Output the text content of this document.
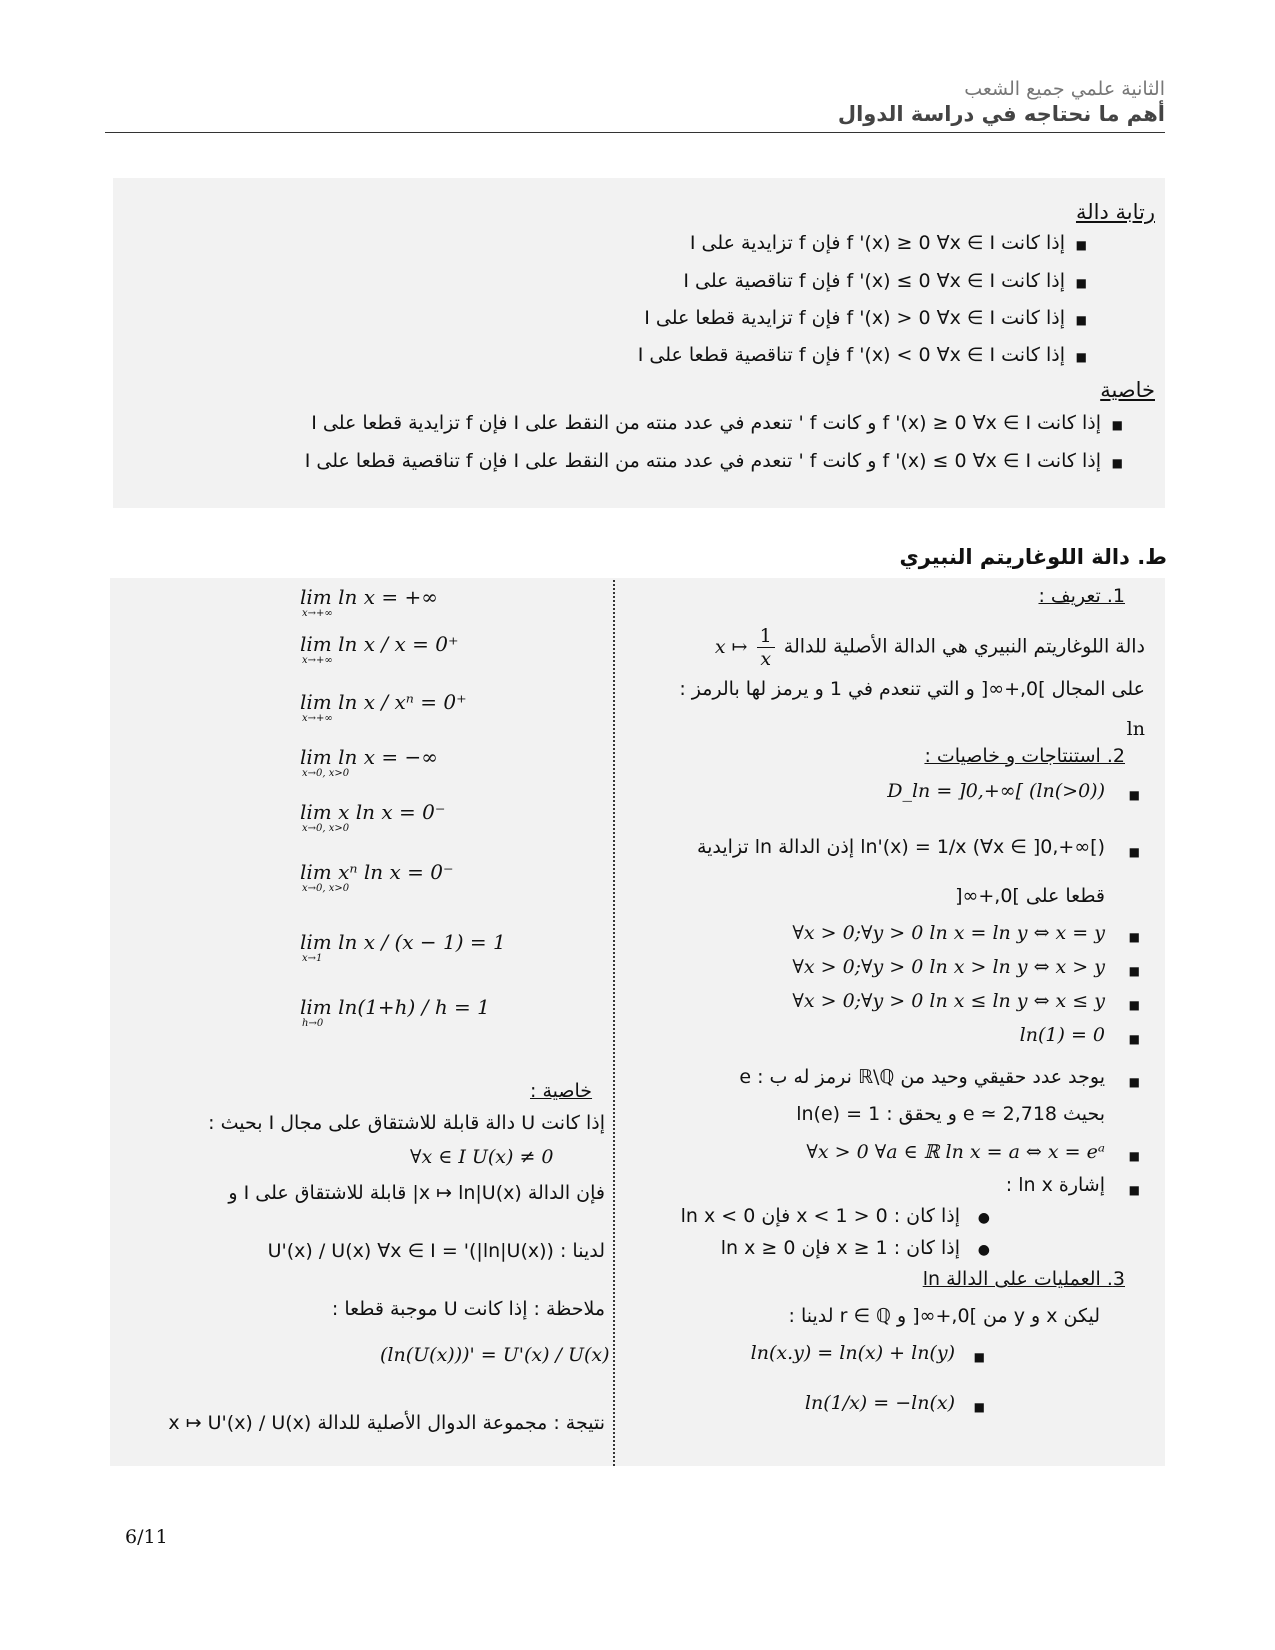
الثانية علمي جميع الشعب
أهم ما نحتاجه في دراسة الدوال
رتابة دالة
■
إذا كانت f '(x) ≥ 0 ∀x ∈ I فإن f تزايدية على I
■
إذا كانت f '(x) ≤ 0 ∀x ∈ I فإن f تناقصية على I
■
إذا كانت f '(x) > 0 ∀x ∈ I فإن f تزايدية قطعا على I
■
إذا كانت f '(x) < 0 ∀x ∈ I فإن f تناقصية قطعا على I
خاصية
■
إذا كانت f '(x) ≥ 0 ∀x ∈ I و كانت f ' تنعدم في عدد منته من النقط على I فإن f تزايدية قطعا على I
■
إذا كانت f '(x) ≤ 0 ∀x ∈ I و كانت f ' تنعدم في عدد منته من النقط على I فإن f تناقصية قطعا على I
ط. دالة اللوغاريتم النبيري
1. تعريف :
دالة اللوغاريتم النبيري هي الدالة الأصلية للدالة
$\frac{1}{x}$
x ↦
على المجال ]0,+∞[ و التي تنعدم في 1 و يرمز لها بالرمز :
ln
2. استنتاجات و خاصيات :
■
D_ln = ]0,+∞[ (ln(>0))
■
ln'(x) = 1/x (∀x ∈ ]0,+∞[) إذن الدالة ln تزايدية
قطعا على ]0,+∞[
■
∀x > 0;∀y > 0 ln x = ln y ⇔ x = y
■
∀x > 0;∀y > 0 ln x > ln y ⇔ x > y
■
∀x > 0;∀y > 0 ln x ≤ ln y ⇔ x ≤ y
■
ln(1) = 0
■
يوجد عدد حقيقي وحيد من ℝ\ℚ نرمز له ب : e
بحيث e ≃ 2,718 و يحقق : ln(e) = 1
■
∀x > 0 ∀a ∈ ℝ ln x = a ⇔ x = eᵃ
■
إشارة ln x :
●
إذا كان : 0 < x < 1 فإن ln x < 0
●
إذا كان : x ≥ 1 فإن ln x ≥ 0
3. العمليات على الدالة ln
ليكن x و y من ]0,+∞[ و r ∈ ℚ لدينا :
■
ln(x.y) = ln(x) + ln(y)
■
ln(1/x) = −ln(x)
lim ln x = +∞
x→+∞
lim ln x / x = 0⁺
x→+∞
lim ln x / xⁿ = 0⁺
x→+∞
lim ln x = −∞
x→0, x>0
lim x ln x = 0⁻
x→0, x>0
lim xⁿ ln x = 0⁻
x→0, x>0
lim ln x / (x − 1) = 1
x→1
lim ln(1+h) / h = 1
h→0
خاصية :
إذا كانت U دالة قابلة للاشتقاق على مجال I بحيث :
∀x ∈ I U(x) ≠ 0
فإن الدالة x ↦ ln|U(x)| قابلة للاشتقاق على I و
لدينا : (ln|U(x)|)' = U'(x) / U(x) ∀x ∈ I
ملاحظة : إذا كانت U موجبة قطعا :
(ln(U(x)))' = U'(x) / U(x)
نتيجة : مجموعة الدوال الأصلية للدالة x ↦ U'(x) / U(x)
6/11
